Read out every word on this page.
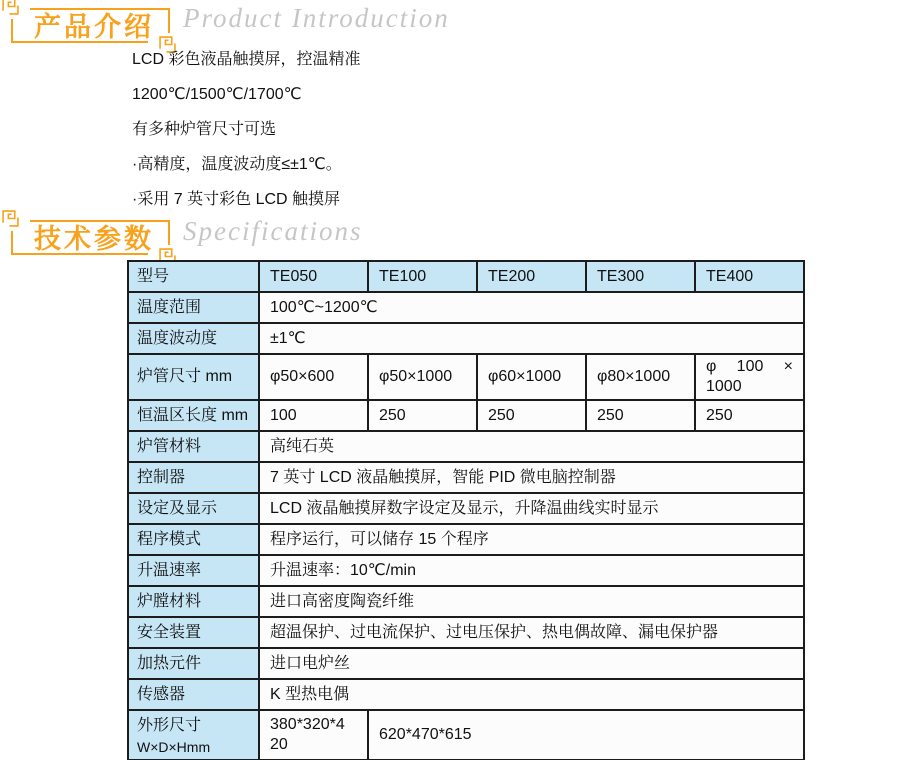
产品介绍 Product Introduction
LCD 彩色液晶触摸屏，控温精准
1200℃/1500℃/1700℃
有多种炉管尺寸可选
·高精度，温度波动度≤±1℃。
·采用 7 英寸彩色 LCD 触摸屏
技术参数 Specifications
型号	TE050	TE100	TE200	TE300	TE400
温度范围	100℃~1200℃				
温度波动度	±1℃				
炉管尺寸 mm	φ50×600	φ50×1000	φ60×1000	φ80×1000	φ 100 × 1000
恒温区长度 mm	100	250	250	250	250
炉管材料	高纯石英				
控制器	7 英寸 LCD 液晶触摸屏，智能 PID 微电脑控制器				
设定及显示	LCD 液晶触摸屏数字设定及显示，升降温曲线实时显示				
程序模式	程序运行，可以储存 15 个程序				
升温速率	升温速率：10℃/min				
炉膛材料	进口高密度陶瓷纤维				
安全装置	超温保护、过电流保护、过电压保护、热电偶故障、漏电保护器				
加热元件	进口电炉丝				
传感器	K 型热电偶				

外形尺寸
W×D×Hmm	380*320*420	620*470*615			
